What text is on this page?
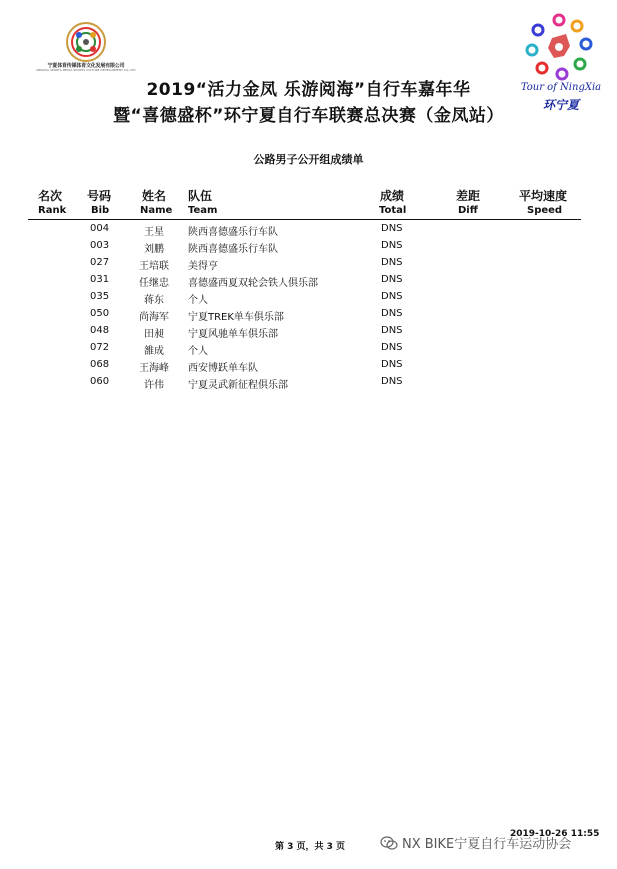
宁夏体育传媒体育文化发展有限公司
NINGXIA SPORTS MEDIA SPORTS CULTURE DEVELOPMENT CO.,LTD
Tour of NingXia
环宁夏
2019“活力金凤 乐游阅海”自行车嘉年华
暨“喜德盛杯”环宁夏自行车联赛总决赛（金凤站）
公路男子公开组成绩单
名次
Rank
号码
Bib
姓名
Name
队伍
Team
成绩
Total
差距
Diff
平均速度
Speed
004	王星 陕西喜德盛乐行车队	DNS
003	刘鹏 陕西喜德盛乐行车队	DNS
027	王培联 美得亨	DNS
031	任继忠 喜德盛西夏双轮会铁人俱乐部	DNS
035	蒋东 个人	DNS
050	尚海军 宁夏TREK单车俱乐部	DNS
048	田昶 宁夏风驰单车俱乐部	DNS
072	雒成 个人	DNS
068	王海峰 西安博跃单车队	DNS
060	许伟 宁夏灵武新征程俱乐部	DNS
2019-10-26 11:55
第 3 页，共 3 页	NX BIKE宁夏自行车运动协会
